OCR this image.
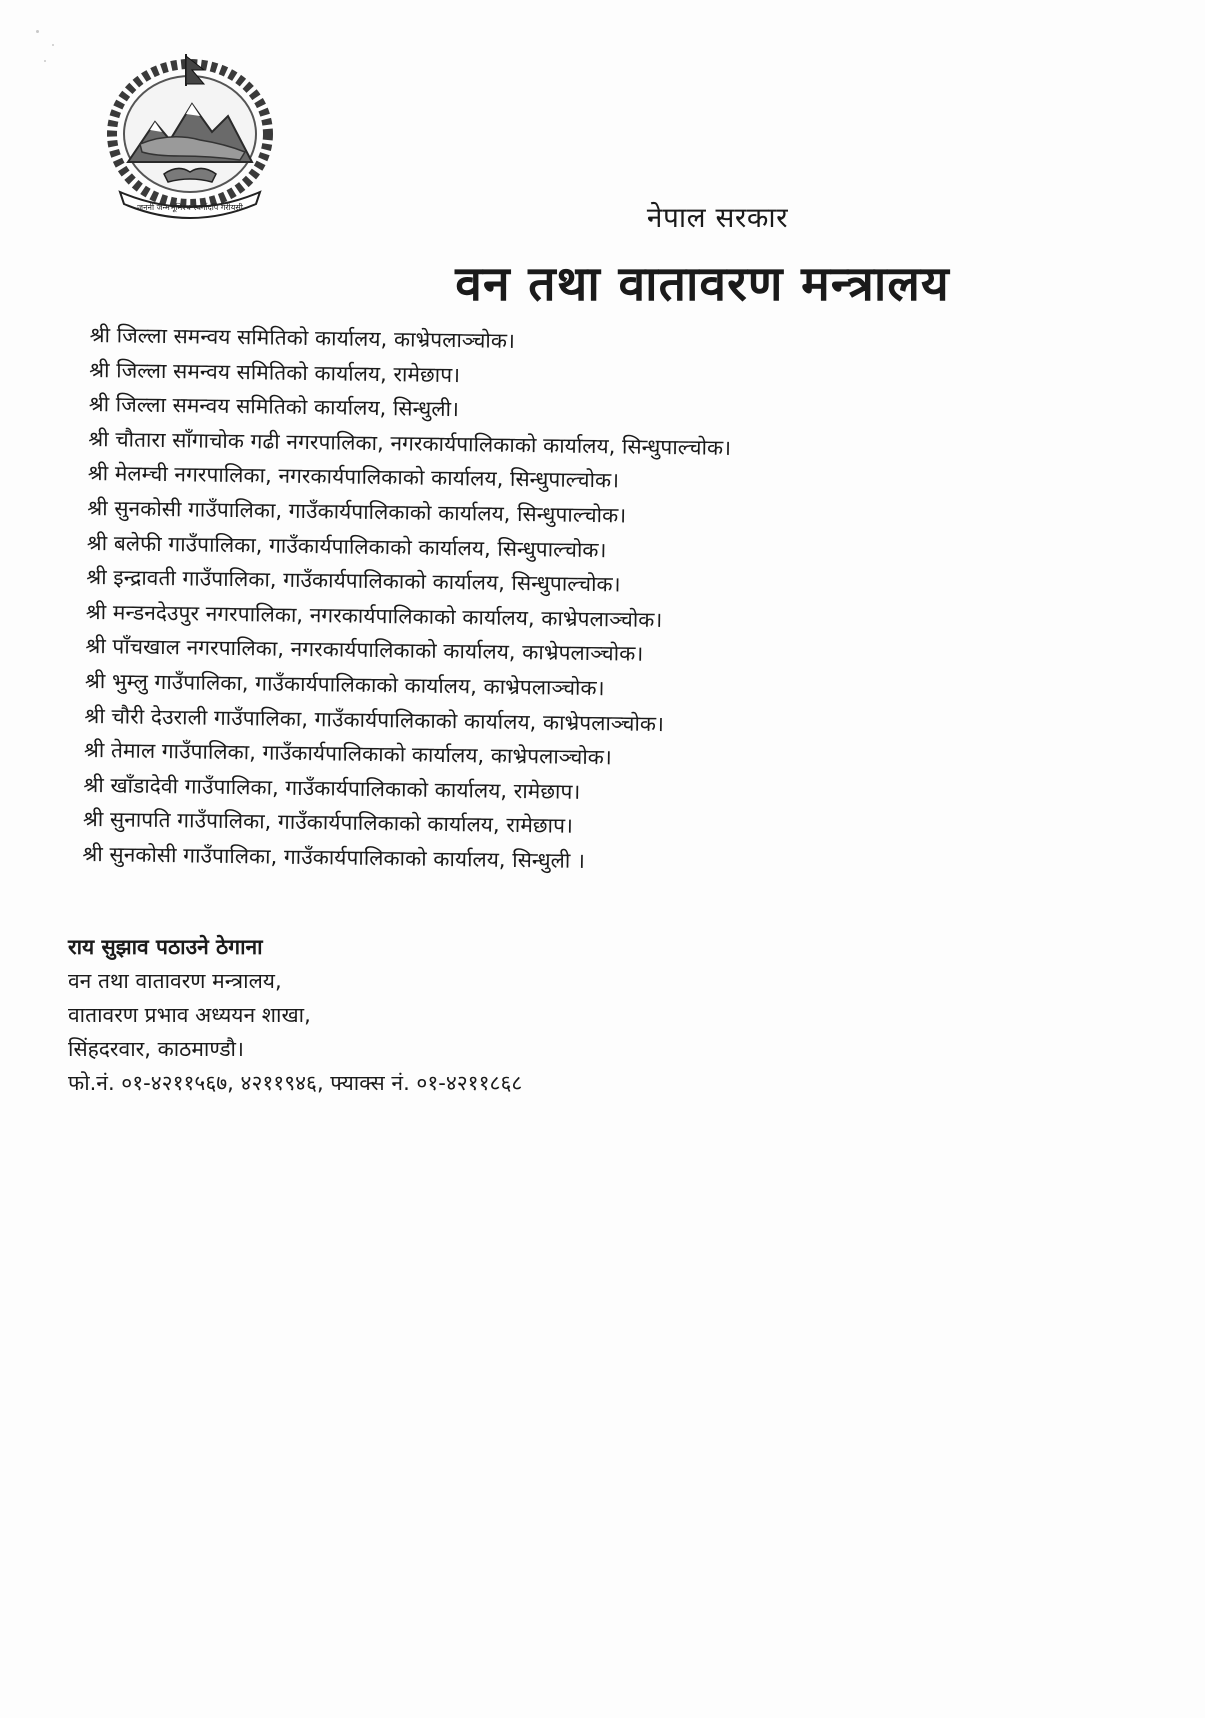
जननी जन्मभूमिश्च स्वर्गादपि गरीयसी	नेपाल सरकार
वन तथा वातावरण मन्त्रालय
श्री जिल्ला समन्वय समितिको कार्यालय, काभ्रेपलाञ्चोक।
श्री जिल्ला समन्वय समितिको कार्यालय, रामेछाप।
श्री जिल्ला समन्वय समितिको कार्यालय, सिन्धुली।
श्री चौतारा साँगाचोक गढी नगरपालिका, नगरकार्यपालिकाको कार्यालय, सिन्धुपाल्चोक।
श्री मेलम्ची नगरपालिका, नगरकार्यपालिकाको कार्यालय, सिन्धुपाल्चोक।
श्री सुनकोसी गाउँपालिका, गाउँकार्यपालिकाको कार्यालय, सिन्धुपाल्चोक।
श्री बलेफी गाउँपालिका, गाउँकार्यपालिकाको कार्यालय, सिन्धुपाल्चोक।
श्री इन्द्रावती गाउँपालिका, गाउँकार्यपालिकाको कार्यालय, सिन्धुपाल्चोक।
श्री मन्डनदेउपुर नगरपालिका, नगरकार्यपालिकाको कार्यालय, काभ्रेपलाञ्चोक।
श्री पाँचखाल नगरपालिका, नगरकार्यपालिकाको कार्यालय, काभ्रेपलाञ्चोक।
श्री भुम्लु गाउँपालिका, गाउँकार्यपालिकाको कार्यालय, काभ्रेपलाञ्चोक।
श्री चौरी देउराली गाउँपालिका, गाउँकार्यपालिकाको कार्यालय, काभ्रेपलाञ्चोक।
श्री तेमाल गाउँपालिका, गाउँकार्यपालिकाको कार्यालय, काभ्रेपलाञ्चोक।
श्री खाँडादेवी गाउँपालिका, गाउँकार्यपालिकाको कार्यालय, रामेछाप।
श्री सुनापति गाउँपालिका, गाउँकार्यपालिकाको कार्यालय, रामेछाप।
श्री सुनकोसी गाउँपालिका, गाउँकार्यपालिकाको कार्यालय, सिन्धुली ।
राय सुझाव पठाउने ठेगाना
वन तथा वातावरण मन्त्रालय,
वातावरण प्रभाव अध्ययन शाखा,
सिंहदरवार, काठमाण्डौ।
फो.नं. ०१-४२११५६७, ४२११९४६, फ्याक्स नं. ०१-४२११८६८
